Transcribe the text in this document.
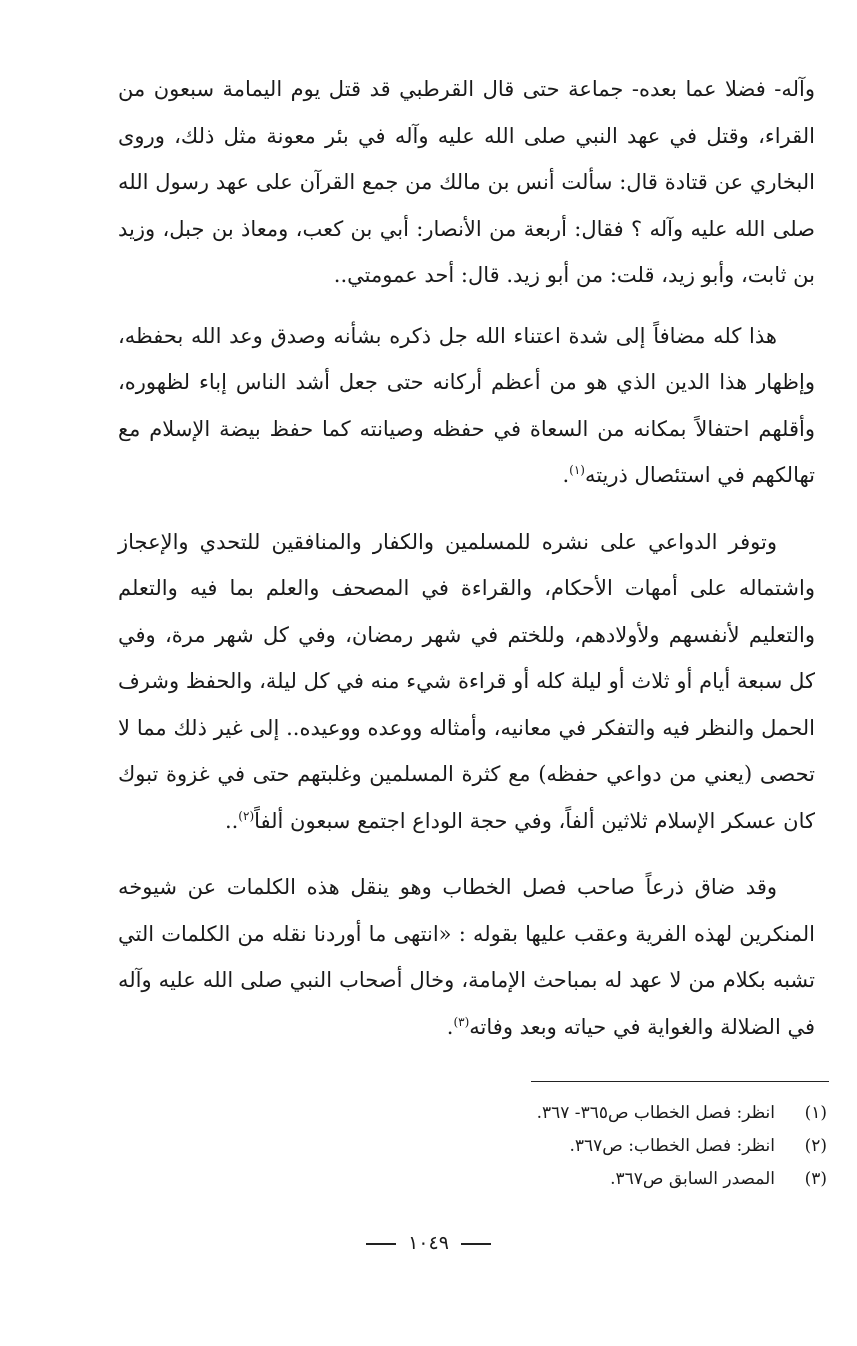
وآله- فضلا عما بعده- جماعة حتى قال القرطبي قد قتل يوم اليمامة سبعون من القراء، وقتل في عهد النبي صلى الله عليه وآله في بئر معونة مثل ذلك، وروى البخاري عن قتادة قال: سألت أنس بن مالك من جمع القرآن على عهد رسول الله صلى الله عليه وآله ؟ فقال: أربعة من الأنصار: أبي بن كعب، ومعاذ بن جبل، وزيد بن ثابت، وأبو زيد، قلت: من أبو زيد. قال: أحد عمومتي..

هذا كله مضافاً إلى شدة اعتناء الله جل ذكره بشأنه وصدق وعد الله بحفظه، وإظهار هذا الدين الذي هو من أعظم أركانه حتى جعل أشد الناس إباء لظهوره، وأقلهم احتفالاً بمكانه من السعاة في حفظه وصيانته كما حفظ بيضة الإسلام مع تهالكهم في استئصال ذريته$^{(١)}$.

وتوفر الدواعي على نشره للمسلمين والكفار والمنافقين للتحدي والإعجاز واشتماله على أمهات الأحكام، والقراءة في المصحف والعلم بما فيه والتعلم والتعليم لأنفسهم ولأولادهم، وللختم في شهر رمضان، وفي كل شهر مرة، وفي كل سبعة أيام أو ثلاث أو ليلة كله أو قراءة شيء منه في كل ليلة، والحفظ وشرف الحمل والنظر فيه والتفكر في معانيه، وأمثاله ووعده ووعيده.. إلى غير ذلك مما لا تحصى (يعني من دواعي حفظه) مع كثرة المسلمين وغلبتهم حتى في غزوة تبوك كان عسكر الإسلام ثلاثين ألفاً، وفي حجة الوداع اجتمع سبعون ألفاً$^{(٢)}$..

وقد ضاق ذرعاً صاحب فصل الخطاب وهو ينقل هذه الكلمات عن شيوخه المنكرين لهذه الفرية وعقب عليها بقوله : «انتهى ما أوردنا نقله من الكلمات التي تشبه بكلام من لا عهد له بمباحث الإمامة، وخال أصحاب النبي صلى الله عليه وآله في الضلالة والغواية في حياته وبعد وفاته$^{(٣)}$.

(١)انظر: فصل الخطاب ص٣٦٥- ٣٦٧.
(٢)انظر: فصل الخطاب: ص٣٦٧.
(٣)المصدر السابق ص٣٦٧.
١٠٤٩
